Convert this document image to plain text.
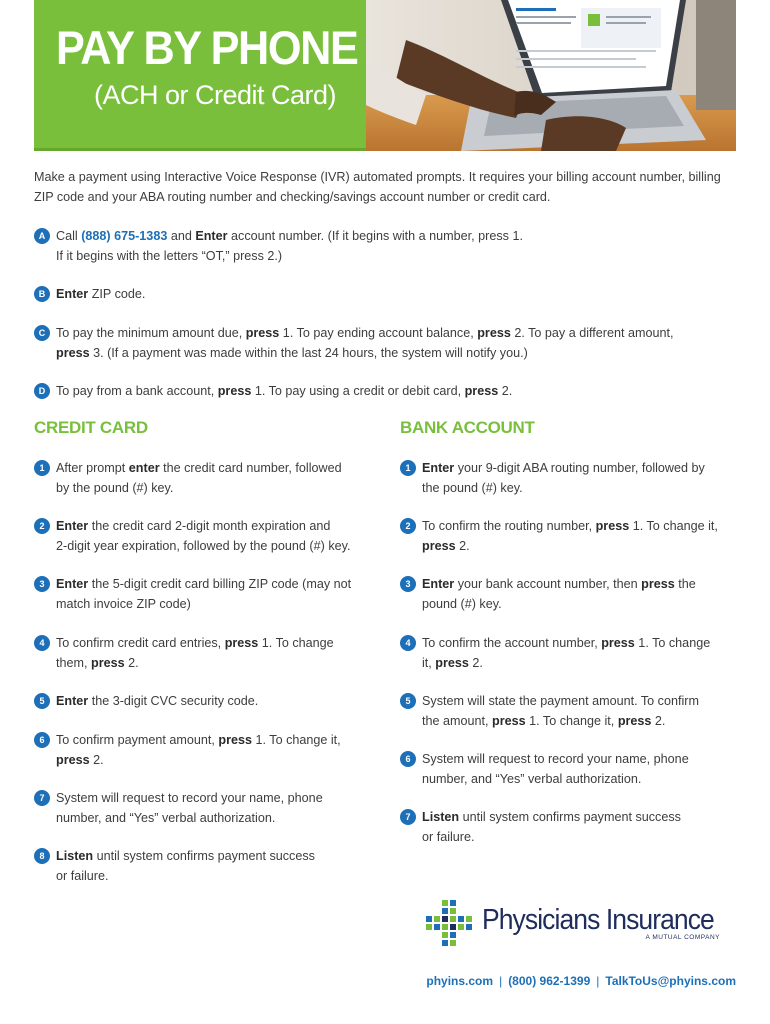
PAY BY PHONE
(ACH or Credit Card)
Make a payment using Interactive Voice Response (IVR) automated prompts. It requires your billing account number, billing ZIP code and your ABA routing number and checking/savings account number or credit card.
A Call (888) 675-1383 and Enter account number. (If it begins with a number, press 1.
If it begins with the letters “OT,” press 2.)
B Enter ZIP code.
C To pay the minimum amount due, press 1. To pay ending account balance, press 2. To pay a different amount,
press 3. (If a payment was made within the last 24 hours, the system will notify you.)
D To pay from a bank account, press 1. To pay using a credit or debit card, press 2.
CREDIT CARD	BANK ACCOUNT
1 After prompt enter the credit card number, followed
by the pound (#) key.
2 Enter the credit card 2-digit month expiration and
2-digit year expiration, followed by the pound (#) key.
3 Enter the 5-digit credit card billing ZIP code (may not
match invoice ZIP code)
4 To confirm credit card entries, press 1. To change
them, press 2.
5 Enter the 3-digit CVC security code.
6 To confirm payment amount, press 1. To change it,
press 2.
7 System will request to record your name, phone
number, and “Yes” verbal authorization.
8 Listen until system confirms payment success
or failure.
1 Enter your 9-digit ABA routing number, followed by
the pound (#) key.
2 To confirm the routing number, press 1. To change it,
press 2.
3 Enter your bank account number, then press the
pound (#) key.
4 To confirm the account number, press 1. To change
it, press 2.
5 System will state the payment amount. To confirm
the amount, press 1. To change it, press 2.
6 System will request to record your name, phone
number, and “Yes” verbal authorization.
7 Listen until system confirms payment success
or failure.
Physicians Insurance
A MUTUAL COMPANY
phyins.com | (800) 962-1399 | TalkToUs@phyins.com
